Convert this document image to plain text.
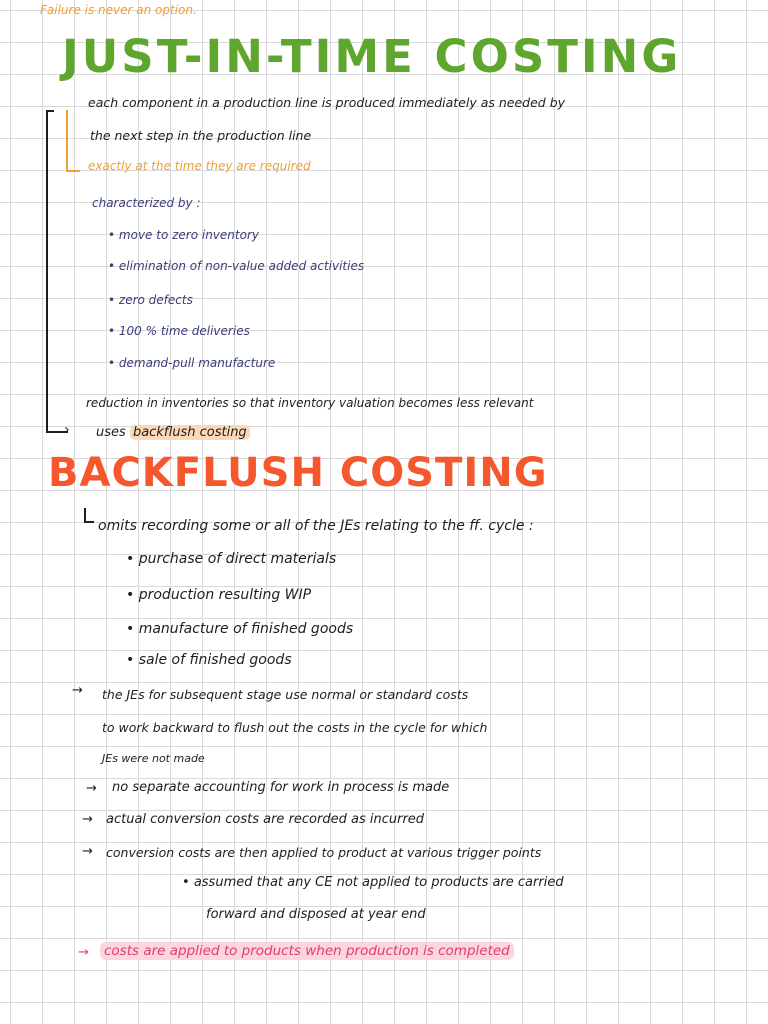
Failure is never an option.
JUST-IN-TIME COSTING
›
each component in a production line is produced immediately as needed by
the next step in the production line
exactly at the time they are required
characterized by :
• move to zero inventory
• elimination of non-value added activities
• zero defects
• 100 % time deliveries
• demand-pull manufacture
reduction in inventories so that inventory valuation becomes less relevant
uses backflush costing
BACKFLUSH COSTING
omits recording some or all of the JEs relating to the ff. cycle :
• purchase of direct materials
• production resulting WIP
• manufacture of finished goods
• sale of finished goods
→ the JEs for subsequent stage use normal or standard costs
to work backward to flush out the costs in the cycle for which
JEs were not made
→ no separate accounting for work in process is made
→ actual conversion costs are recorded as incurred
→ conversion costs are then applied to product at various trigger points
• assumed that any CE not applied to products are carried
forward and disposed at year end
→ costs are applied to products when production is completed
